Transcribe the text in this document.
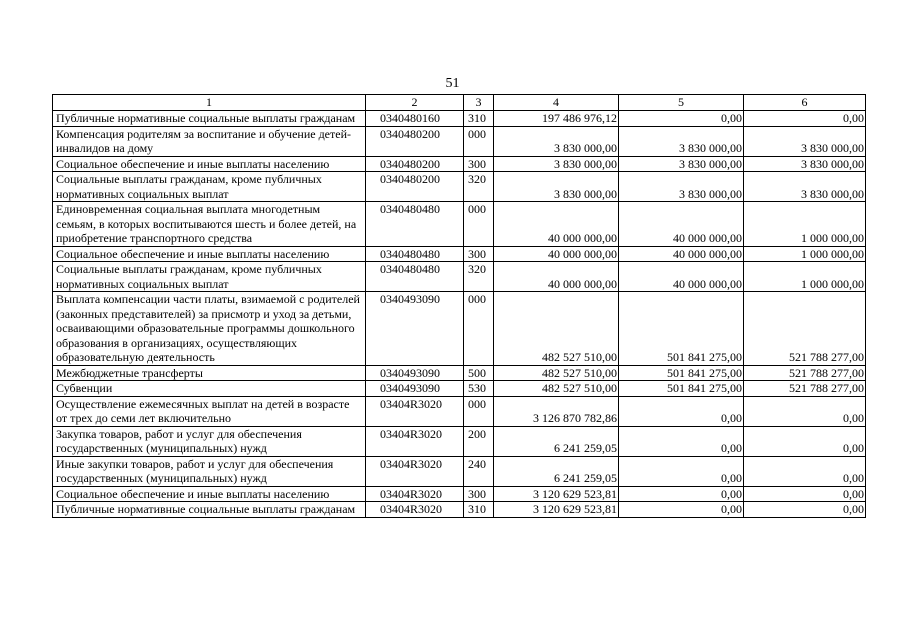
51
1	2	3	4	5	6
Публичные нормативные социальные выплаты гражданам	0340480160	310	197 486 976,12	0,00	0,00
Компенсация родителям за воспитание и обучение детей-инвалидов на дому	0340480200	000	3 830 000,00	3 830 000,00	3 830 000,00
Социальное обеспечение и иные выплаты населению	0340480200	300	3 830 000,00	3 830 000,00	3 830 000,00
Социальные выплаты гражданам, кроме публичных нормативных социальных выплат	0340480200	320	3 830 000,00	3 830 000,00	3 830 000,00
Единовременная социальная выплата многодетным семьям, в которых воспитываются шесть и более детей, на приобретение транспортного средства	0340480480	000	40 000 000,00	40 000 000,00	1 000 000,00
Социальное обеспечение и иные выплаты населению	0340480480	300	40 000 000,00	40 000 000,00	1 000 000,00
Социальные выплаты гражданам, кроме публичных нормативных социальных выплат	0340480480	320	40 000 000,00	40 000 000,00	1 000 000,00
Выплата компенсации части платы, взимаемой с родителей (законных представителей) за присмотр и уход за детьми, осваивающими образовательные программы дошкольного образования в организациях, осуществляющих образовательную деятельность	0340493090	000	482 527 510,00	501 841 275,00	521 788 277,00
Межбюджетные трансферты	0340493090	500	482 527 510,00	501 841 275,00	521 788 277,00
Субвенции	0340493090	530	482 527 510,00	501 841 275,00	521 788 277,00
Осуществление ежемесячных выплат на детей в возрасте от трех до семи лет включительно	03404R3020	000	3 126 870 782,86	0,00	0,00
Закупка товаров, работ и услуг для обеспечения государственных (муниципальных) нужд	03404R3020	200	6 241 259,05	0,00	0,00
Иные закупки товаров, работ и услуг для обеспечения государственных (муниципальных) нужд	03404R3020	240	6 241 259,05	0,00	0,00
Социальное обеспечение и иные выплаты населению	03404R3020	300	3 120 629 523,81	0,00	0,00
Публичные нормативные социальные выплаты гражданам	03404R3020	310	3 120 629 523,81	0,00	0,00
